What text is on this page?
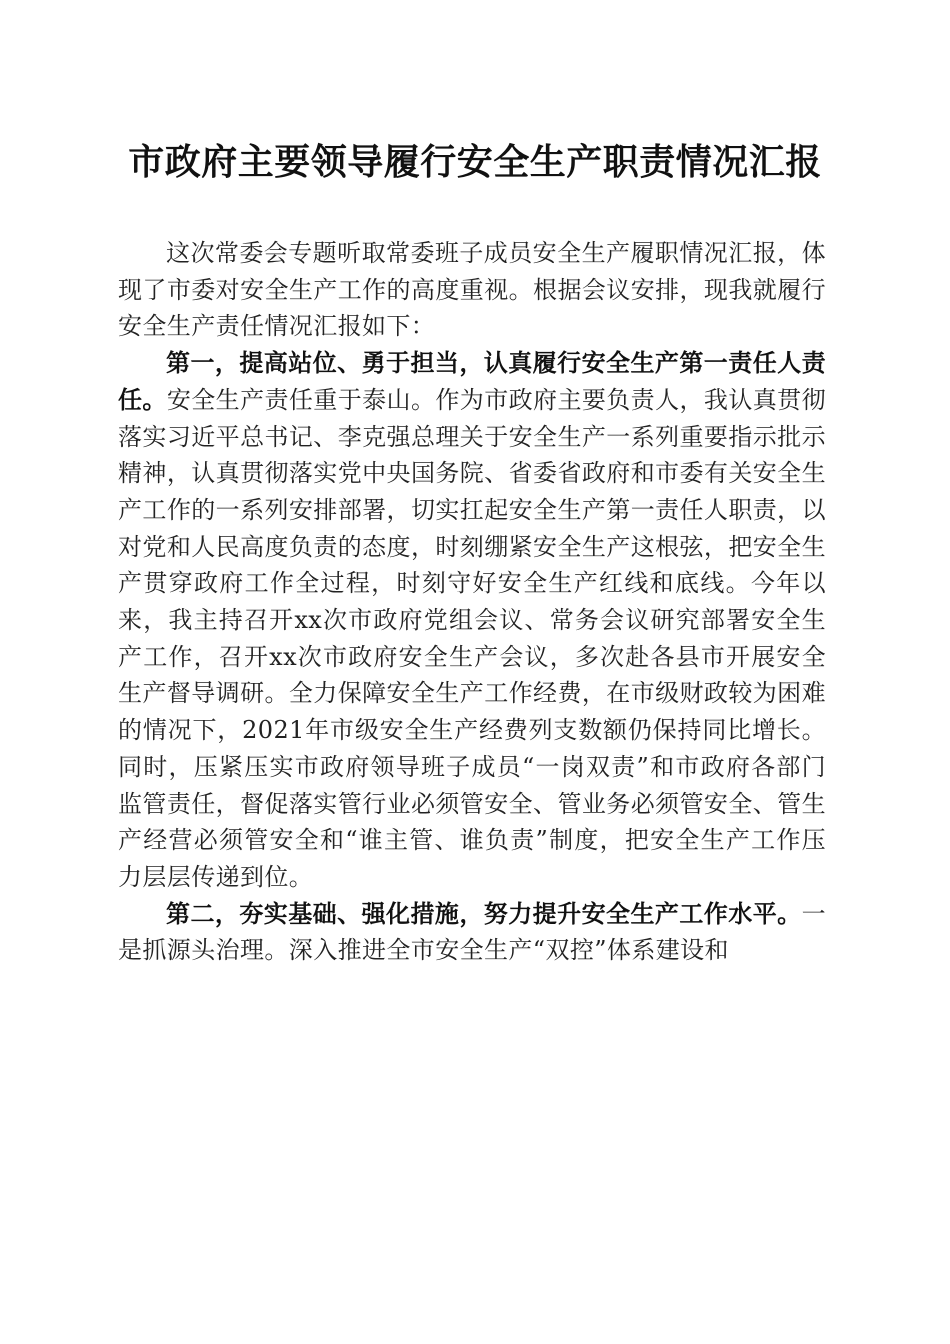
市政府主要领导履行安全生产职责情况汇报

这次常委会专题听取常委班子成员安全生产履职情况汇报，体现了市委对安全生产工作的高度重视。根据会议安排，现我就履行安全生产责任情况汇报如下：

第一，提高站位、勇于担当，认真履行安全生产第一责任人责任。安全生产责任重于泰山。作为市政府主要负责人，我认真贯彻落实习近平总书记、李克强总理关于安全生产一系列重要指示批示精神，认真贯彻落实党中央国务院、省委省政府和市委有关安全生产工作的一系列安排部署，切实扛起安全生产第一责任人职责，以对党和人民高度负责的态度，时刻绷紧安全生产这根弦，把安全生产贯穿政府工作全过程，时刻守好安全生产红线和底线。今年以来，我主持召开xx次市政府党组会议、常务会议研究部署安全生产工作，召开xx次市政府安全生产会议，多次赴各县市开展安全生产督导调研。全力保障安全生产工作经费，在市级财政较为困难的情况下，2021年市级安全生产经费列支数额仍保持同比增长。同时，压紧压实市政府领导班子成员“一岗双责”和市政府各部门监管责任，督促落实管行业必须管安全、管业务必须管安全、管生产经营必须管安全和“谁主管、谁负责”制度，把安全生产工作压力层层传递到位。

第二，夯实基础、强化措施，努力提升安全生产工作水平。一是抓源头治理。深入推进全市安全生产“双控”体系建设和
